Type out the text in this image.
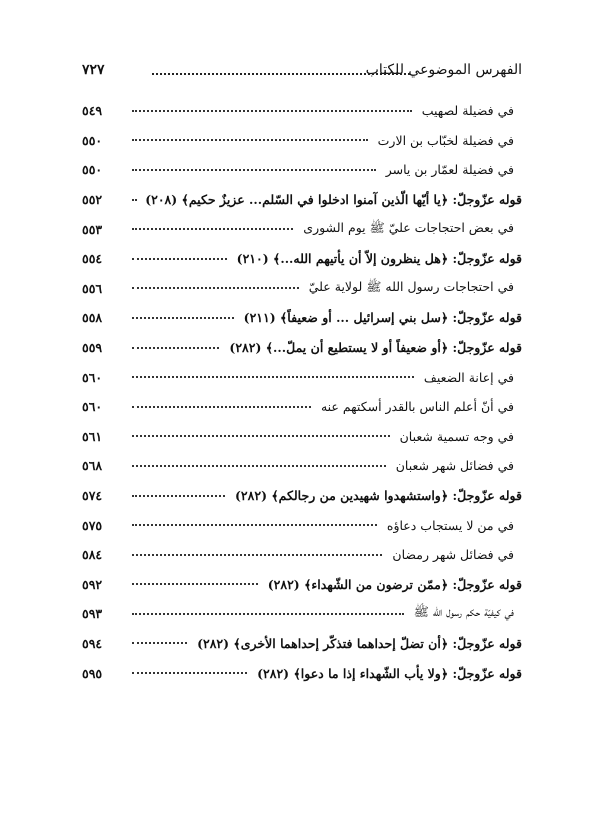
الفهرس الموضوعي للكتاب
٧٢٧
في فضيلة لصهيب
٥٤٩
في فضيلة لخبّاب بن الارت
٥٥٠
في فضيلة لعمّار بن ياسر
٥٥٠
قوله عزّوجلّ: ﴿يا أيّها الّذين آمنوا ادخلوا في السّلم... عزيزٌ حكيم﴾ (٢٠٨)
٥٥٢
في بعض احتجاجات عليّ ﷺ يوم الشورى
٥٥٣
قوله عزّوجلّ: ﴿هل ينظرون إلاّ أن يأتيهم الله...﴾ (٢١٠)
٥٥٤
في احتجاجات رسول الله ﷺ لولاية عليّ
٥٥٦
قوله عزّوجلّ: ﴿سل بني إسرائيل ... أو ضعيفاً﴾ (٢١١)
٥٥٨
قوله عزّوجلّ: ﴿أو ضعيفاً أو لا يستطيع أن يملّ...﴾ (٢٨٢)
٥٥٩
في إعانة الضعيف
٥٦٠
في أنّ أعلم الناس بالقدر أسكتهم عنه
٥٦٠
في وجه تسمية شعبان
٥٦١
في فضائل شهر شعبان
٥٦٨
قوله عزّوجلّ: ﴿واستشهدوا شهيدين من رجالكم﴾ (٢٨٢)
٥٧٤
في من لا يستجاب دعاؤه
٥٧٥
في فضائل شهر رمضان
٥٨٤
قوله عزّوجلّ: ﴿ممّن ترضون من الشّهداء﴾ (٢٨٢)
٥٩٢
في كيفيّة حكم رسول الله ﷺ
٥٩٣
قوله عزّوجلّ: ﴿أن تضلّ إحداهما فتذكّر إحداهما الأخرى﴾ (٢٨٢)
٥٩٤
قوله عزّوجلّ: ﴿ولا يأب الشّهداء إذا ما دعوا﴾ (٢٨٢)
٥٩٥
